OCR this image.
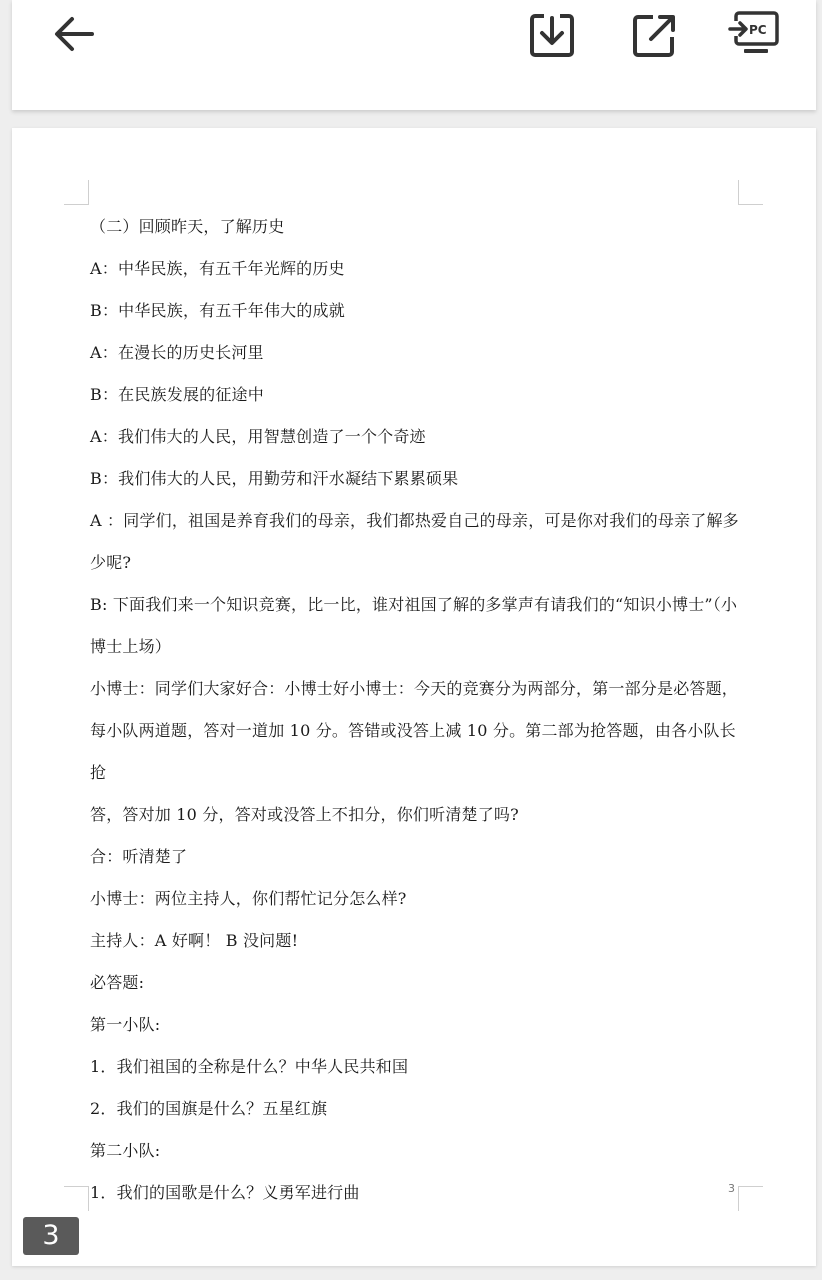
PC

（二）回顾昨天，了解历史

A：中华民族，有五千年光辉的历史

B：中华民族，有五千年伟大的成就

A：在漫长的历史长河里

B：在民族发展的征途中

A：我们伟大的人民，用智慧创造了一个个奇迹

B：我们伟大的人民，用勤劳和汗水凝结下累累硕果

A ：同学们，祖国是养育我们的母亲，我们都热爱自己的母亲，可是你对我们的母亲了解多

少呢?

B: 下面我们来一个知识竞赛，比一比，谁对祖国了解的多掌声有请我们的“知识小博士”（小

博士上场）

小博士：同学们大家好合：小博士好小博士：今天的竞赛分为两部分，第一部分是必答题，

每小队两道题，答对一道加 10 分。答错或没答上减 10 分。第二部为抢答题，由各小队长抢

答，答对加 10 分，答对或没答上不扣分，你们听清楚了吗?

合：听清楚了

小博士：两位主持人，你们帮忙记分怎么样?

主持人：A 好啊！ B 没问题!

必答题:

第一小队:

1．我们祖国的全称是什么？中华人民共和国

2．我们的国旗是什么？五星红旗

第二小队:

1．我们的国歌是什么？义勇军进行曲	3
3
